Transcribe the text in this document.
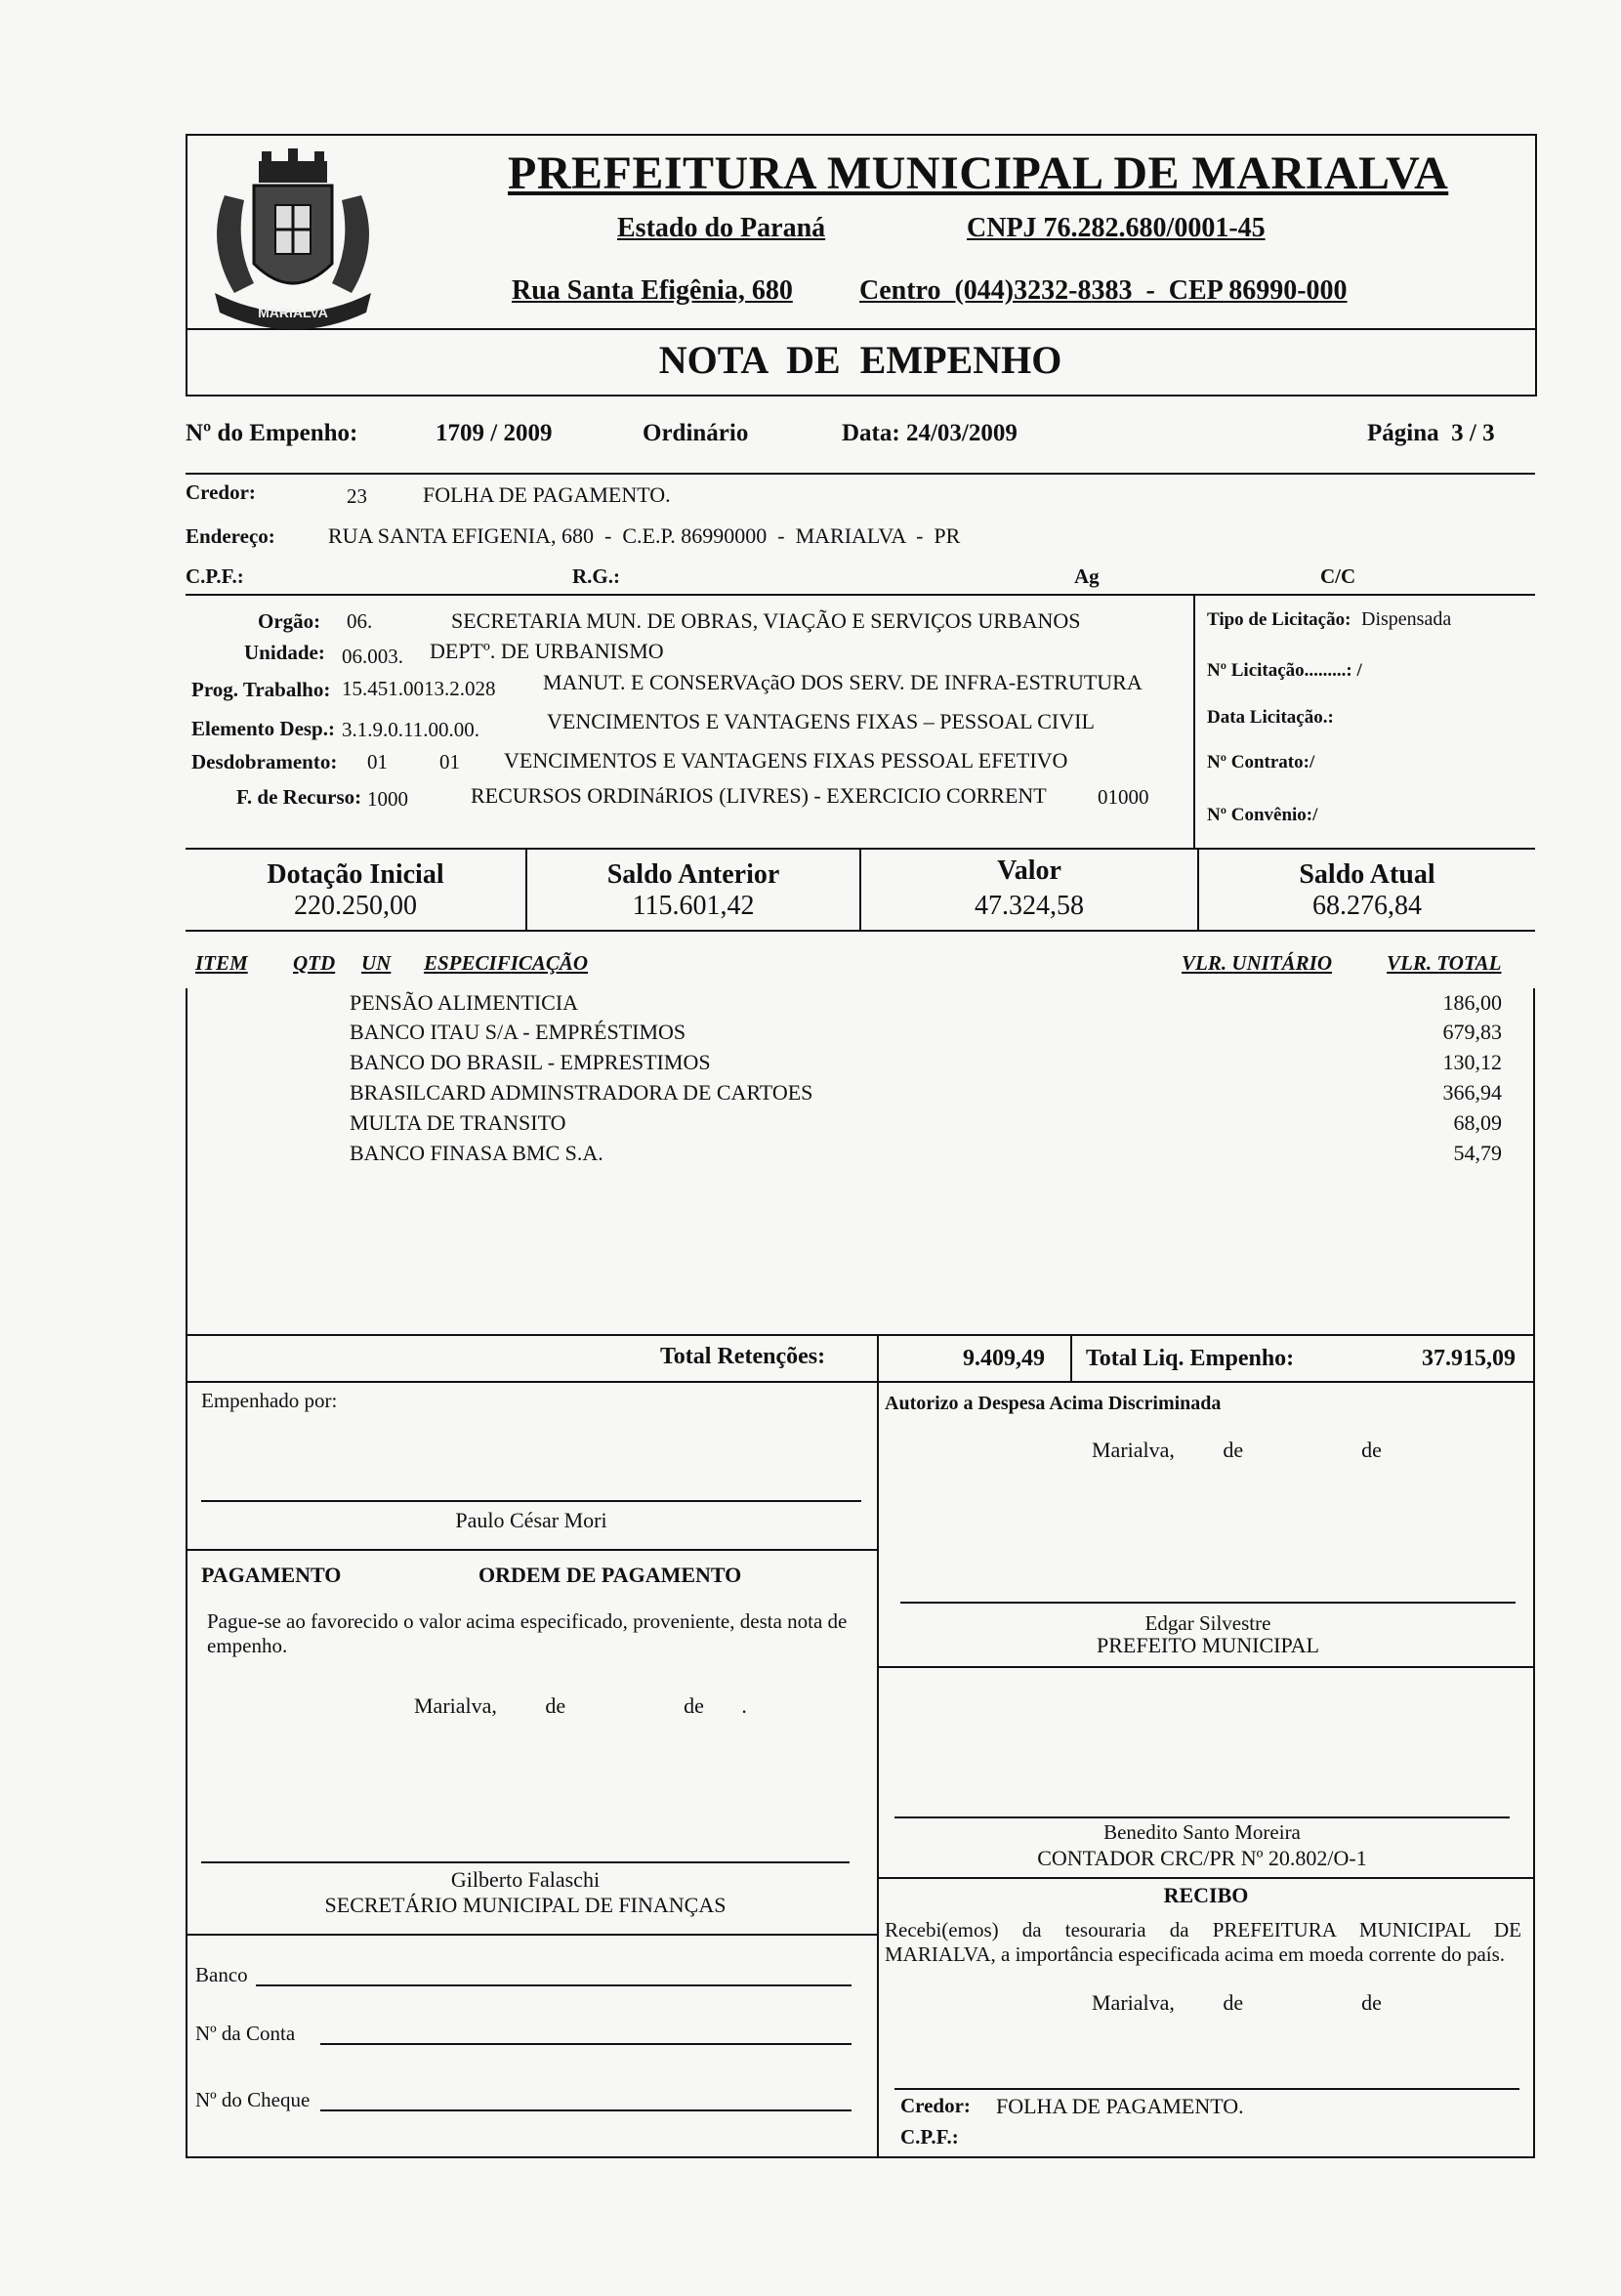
MARIALVA
PREFEITURA MUNICIPAL DE MARIALVA
Estado do Paraná	CNPJ 76.282.680/0001-45
Rua Santa Efigênia, 680 Centro  (044)3232-8383  -  CEP 86990-000
NOTA  DE  EMPENHO
Nº do Empenho:	1709 / 2009	Ordinário	Data: 24/03/2009	Página  3 / 3
Credor:	23	FOLHA DE PAGAMENTO.
Endereço: RUA SANTA EFIGENIA, 680  -  C.E.P. 86990000  -  MARIALVA  -  PR
C.P.F.:	R.G.:	Ag	C/C
Orgão: 06.	SECRETARIA MUN. DE OBRAS, VIAÇÃO E SERVIÇOS URBANOS
Unidade: 06.003. DEPTº. DE URBANISMO
Prog. Trabalho: 15.451.0013.2.028 MANUT. E CONSERVAçãO DOS SERV. DE INFRA-ESTRUTURA
Elemento Desp.: 3.1.9.0.11.00.00.	VENCIMENTOS E VANTAGENS FIXAS – PESSOAL CIVIL
Desdobramento: 01	01 VENCIMENTOS E VANTAGENS FIXAS PESSOAL EFETIVO
F. de Recurso: 1000	RECURSOS ORDINáRIOS (LIVRES) - EXERCICIO CORRENT 01000
Tipo de Licitação: Dispensada
Nº Licitação.........: /
Data Licitação.:
Nº Contrato:/
Nº Convênio:/
Dotação Inicial
220.250,00
Saldo Anterior
115.601,42
Valor
47.324,58
Saldo Atual
68.276,84
ITEM QTD UN ESPECIFICAÇÃO	VLR. UNITÁRIO	VLR. TOTAL
PENSÃO ALIMENTICIA	186,00
BANCO ITAU S/A - EMPRÉSTIMOS	679,83
BANCO DO BRASIL - EMPRESTIMOS	130,12
BRASILCARD ADMINSTRADORA DE CARTOES	366,94
MULTA DE TRANSITO	68,09
BANCO FINASA BMC S.A.	54,79
Total Retenções:	9.409,49 Total Liq. Empenho:	37.915,09
Empenhado por:
Paulo César Mori
PAGAMENTO	ORDEM DE PAGAMENTO
Pague-se ao favorecido o valor acima especificado, proveniente, desta nota de empenho.
Marialva,         de                      de       .
Gilberto Falaschi
SECRETÁRIO MUNICIPAL DE FINANÇAS
Banco
Nº da Conta
Nº do Cheque
Autorizo a Despesa Acima Discriminada
Marialva,         de                      de
Edgar Silvestre
PREFEITO MUNICIPAL
Benedito Santo Moreira
CONTADOR CRC/PR Nº 20.802/O-1
RECIBO
Recebi(emos) da tesouraria da PREFEITURA MUNICIPAL DE MARIALVA, a importância especificada acima em moeda corrente do país.
Marialva,         de                      de
Credor: FOLHA DE PAGAMENTO.
C.P.F.:
